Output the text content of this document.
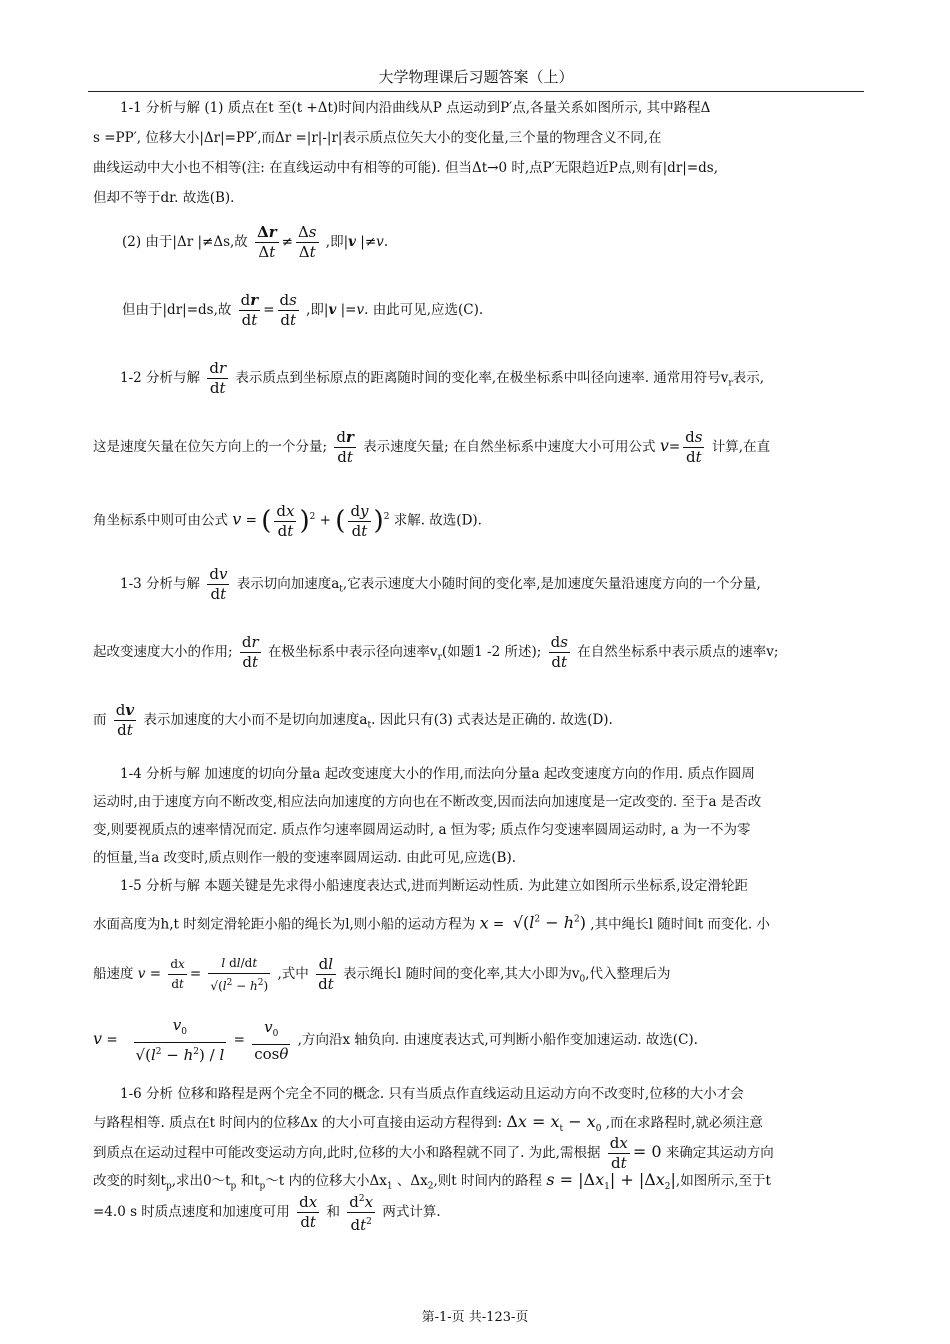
大学物理课后习题答案（上）
1-1 分析与解 (1) 质点在t 至(t +Δt)时间内沿曲线从P 点运动到P′点,各量关系如图所示, 其中路程Δ
s =PP′, 位移大小|Δr|=PP′,而Δr =|r|-|r|表示质点位矢大小的变化量,三个量的物理含义不同,在
曲线运动中大小也不相等(注: 在直线运动中有相等的可能). 但当Δt→0 时,点P′无限趋近P点,则有|dr|=ds,
但却不等于dr. 故选(B).
(2) 由于|Δr |≠Δs,故 $\frac{\Delta r}{\Delta t} \ne \frac{\Delta s}{\Delta t}$ ,即|v |≠v.
但由于|dr|=ds,故 $\frac{dr}{dt} = \frac{ds}{dt}$ ,即|v |=v. 由此可见,应选(C).
1-2 分析与解 $\frac{dr}{dt}$ 表示质点到坐标原点的距离随时间的变化率,在极坐标系中叫径向速率. 通常用符号$v_r$表示,
这是速度矢量在位矢方向上的一个分量; $\frac{dr}{dt}$ 表示速度矢量; 在自然坐标系中速度大小可用公式 $v= \frac{ds}{dt}$ 计算,在直
角坐标系中则可由公式 v = ( $\frac{dx}{dt} )^2$ + ( $\frac{dy}{dt} )^2$ 求解. 故选(D).
1-3 分析与解 $\frac{dv}{dt}$ 表示切向加速度$a_t$,它表示速度大小随时间的变化率,是加速度矢量沿速度方向的一个分量,
起改变速度大小的作用; $\frac{dr}{dt}$ 在极坐标系中表示径向速率$v_r$(如题1 -2 所述); $\frac{ds}{dt}$ 在自然坐标系中表示质点的速率v;
而 $\frac{dv}{dt}$ 表示加速度的大小而不是切向加速度$a_t$. 因此只有(3) 式表达是正确的. 故选(D).
1-4 分析与解 加速度的切向分量a 起改变速度大小的作用,而法向分量a 起改变速度方向的作用. 质点作圆周
运动时,由于速度方向不断改变,相应法向加速度的方向也在不断改变,因而法向加速度是一定改变的. 至于a 是否改
变,则要视质点的速率情况而定. 质点作匀速率圆周运动时, a 恒为零; 质点作匀变速率圆周运动时, a 为一不为零
的恒量,当a 改变时,质点则作一般的变速率圆周运动. 由此可见,应选(B).
1-5 分析与解 本题关键是先求得小船速度表达式,进而判断运动性质. 为此建立如图所示坐标系,设定滑轮距
水面高度为h,t 时刻定滑轮距小船的绳长为l,则小船的运动方程为 $x = √(l^2 - h^2)$ ,其中绳长l 随时间t 而变化. 小
船速度 $v = \frac{dx}{dt} = \frac{\text{l dl/dt}}{√(l^2 - h^2)}$ ,式中 $\frac{dl}{dt}$ 表示绳长l 随时间的变化率,其大小即为$v_0$,代入整理后为
$v = \frac{v_0}{√(l^2 - h^2) / l} = \frac{v_0}{\cos\theta}$ ,方向沿x 轴负向. 由速度表达式,可判断小船作变加速运动. 故选(C).
1-6 分析 位移和路程是两个完全不同的概念. 只有当质点作直线运动且运动方向不改变时,位移的大小才会
与路程相等. 质点在t 时间内的位移Δx 的大小可直接由运动方程得到: $\Delta x = x_t - x_0$ ,而在求路程时,就必须注意
到质点在运动过程中可能改变运动方向,此时,位移的大小和路程就不同了. 为此,需根据 $\frac{dx}{dt} = 0$ 来确定其运动方向
改变的时刻$t_p$,求出$0\sim t_p$ 和$t_p\sim t$ 内的位移大小$\Delta x_1$ 、$\Delta x_2$,则t 时间内的路程 $s = |\Delta x_1| + |\Delta x_2|$,如图所示,至于t
=4.0 s 时质点速度和加速度可用 $\frac{dx}{dt}$ 和 $\frac{d^2x}{dt^2}$ 两式计算.
第-1-页 共-123-页
